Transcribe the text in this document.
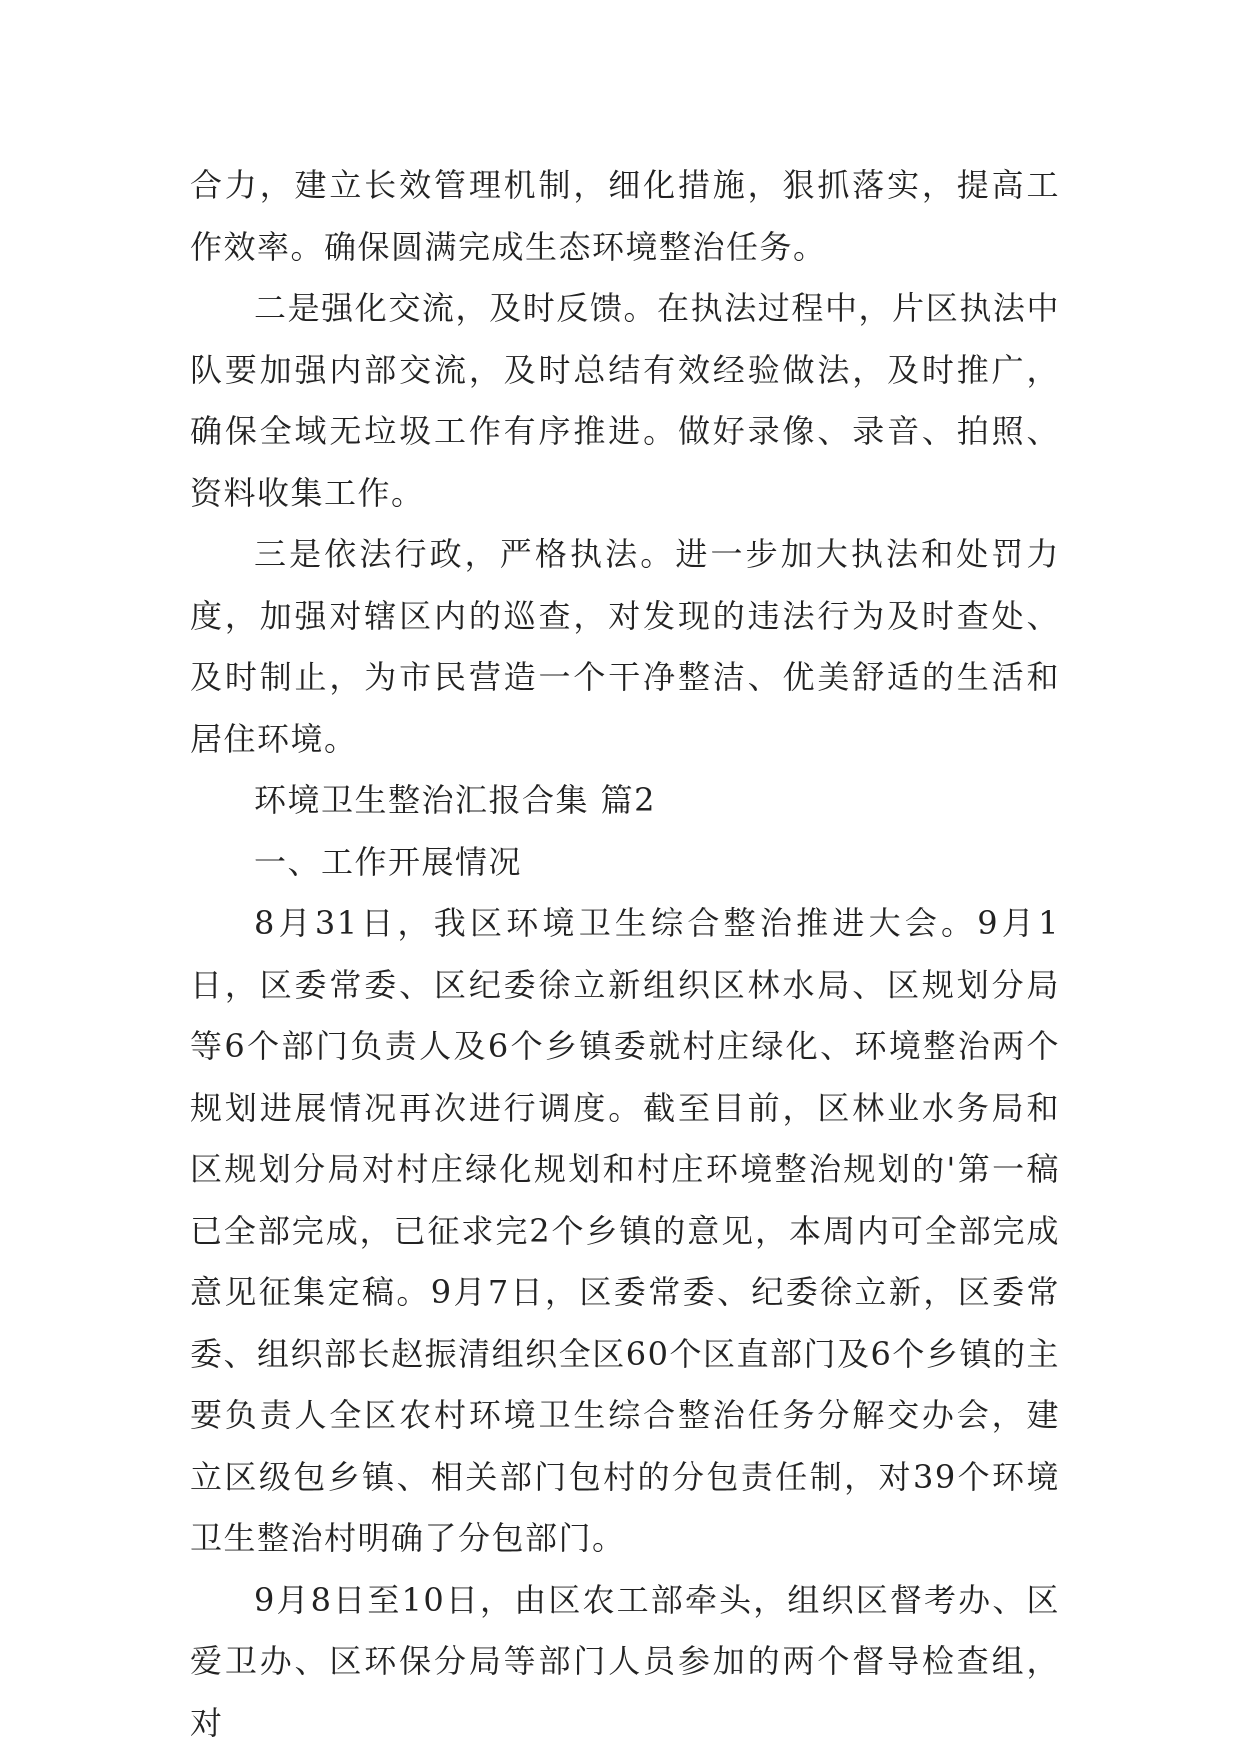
合力，建立长效管理机制，细化措施，狠抓落实，提高工作效率。确保圆满完成生态环境整治任务。

二是强化交流，及时反馈。在执法过程中，片区执法中队要加强内部交流，及时总结有效经验做法，及时推广，确保全域无垃圾工作有序推进。做好录像、录音、拍照、资料收集工作。

三是依法行政，严格执法。进一步加大执法和处罚力度，加强对辖区内的巡查，对发现的违法行为及时查处、及时制止，为市民营造一个干净整洁、优美舒适的生活和居住环境。

环境卫生整治汇报合集 篇2

一、工作开展情况

8月31日，我区环境卫生综合整治推进大会。9月1日，区委常委、区纪委徐立新组织区林水局、区规划分局等6个部门负责人及6个乡镇委就村庄绿化、环境整治两个规划进展情况再次进行调度。截至目前，区林业水务局和区规划分局对村庄绿化规划和村庄环境整治规划的'第一稿已全部完成，已征求完2个乡镇的意见，本周内可全部完成意见征集定稿。9月7日，区委常委、纪委徐立新，区委常委、组织部长赵振清组织全区60个区直部门及6个乡镇的主要负责人全区农村环境卫生综合整治任务分解交办会，建立区级包乡镇、相关部门包村的分包责任制，对39个环境卫生整治村明确了分包部门。

9月8日至10日，由区农工部牵头，组织区督考办、区爱卫办、区环保分局等部门人员参加的两个督导检查组，对
